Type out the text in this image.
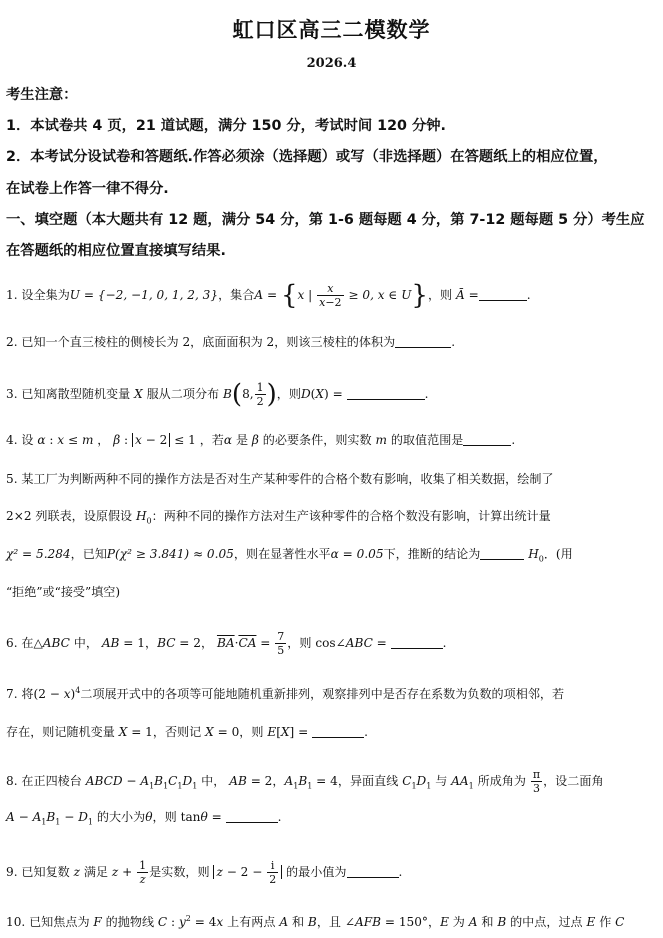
虹口区高三二模数学
2026.4
考生注意：
1．本试卷共 4 页，21 道试题，满分 150 分，考试时间 120 分钟.
2．本考试分设试卷和答题纸.作答必须涂（选择题）或写（非选择题）在答题纸上的相应位置，
在试卷上作答一律不得分.
一、填空题（本大题共有 12 题，满分 54 分，第 1-6 题每题 4 分，第 7-12 题每题 5 分）考生应
在答题纸的相应位置直接填写结果.
1. 设全集为U = {−2, −1, 0, 1, 2, 3}，集合A = {x | $\frac{x}{x-2} \ge 0$, x ∈ U}，则 Ā =	.
2. 已知一个直三棱柱的侧棱长为 2，底面面积为 2，则该三棱柱的体积为	.
3. 已知离散型随机变量 X 服从二项分布 B(8, $\frac{1}{2}$ )，则D(X) =	.
4. 设 α : x ≤ m ， β : x − 2 ≤ 1 ，若α 是 β 的必要条件，则实数 m 的取值范围是	.
5. 某工厂为判断两种不同的操作方法是否对生产某种零件的合格个数有影响，收集了相关数据，绘制了
2×2 列联表，设原假设 $H_0$：两种不同的操作方法对生产该种零件的合格个数没有影响，计算出统计量
χ² = 5.284，已知P(χ² ≥ 3.841) ≈ 0.05，则在显著性水平α = 0.05下，推断的结论为	$H_0$．(用
“拒绝”或“接受”填空)
6. 在△ABC 中， AB = 1，BC = 2， $\overline{BA}\cdot\overline{CA} = \frac{7}{5}$ ，则 cos∠ABC =	.
7. 将$(2 - x)^4$二项展开式中的各项等可能地随机重新排列，观察排列中是否存在系数为负数的项相邻，若
存在，则记随机变量 X = 1，否则记 X = 0，则 E[X] =	.
8. 在正四棱台 ABCD − $A_1B_1C_1D_1$ 中， AB = 2，$A_1B_1 = 4$，异面直线 $C_1D_1$ 与 $AA_1$ 所成角为 $\frac{\pi}{3}$ ，设二面角
$A - A_1B_1 - D_1$ 的大小为θ，则 tanθ =	.
9. 已知复数 z 满足 $z + \frac{1}{z}$ 是实数，则 $z - 2 - \frac{i}{2}$ 的最小值为	.
10. 已知焦点为 F 的抛物线 C : $y^2 = 4x$ 上有两点 A 和 B，且 ∠AFB = 150°，E 为 A 和 B 的中点，过点 E 作 C
